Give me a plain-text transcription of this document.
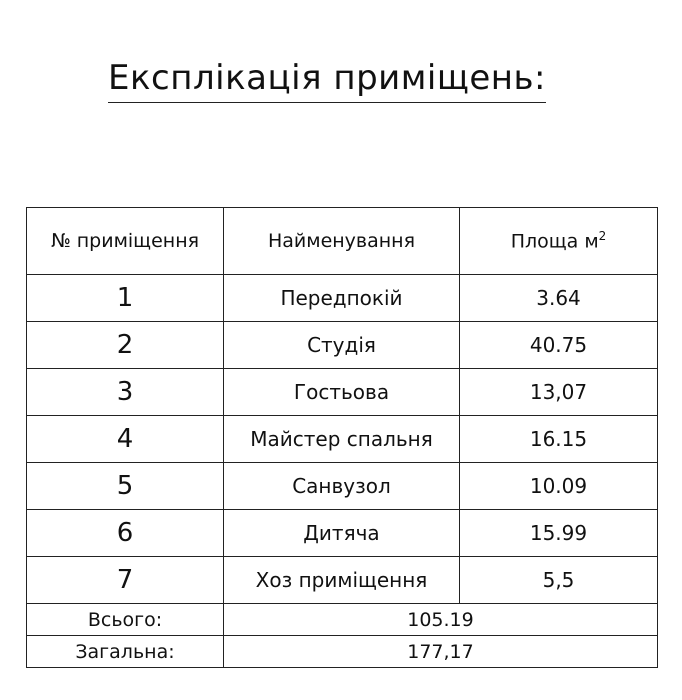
Експлікація приміщень:
№ приміщення	Найменування	Площа $м^2$
1	Передпокій	3.64
2	Студія	40.75
3	Гостьова	13,07
4	Майстер спальня	16.15
5	Санвузол	10.09
6	Дитяча	15.99
7	Хоз приміщення	5,5
Всього:	105.19	
Загальна:	177,17	
